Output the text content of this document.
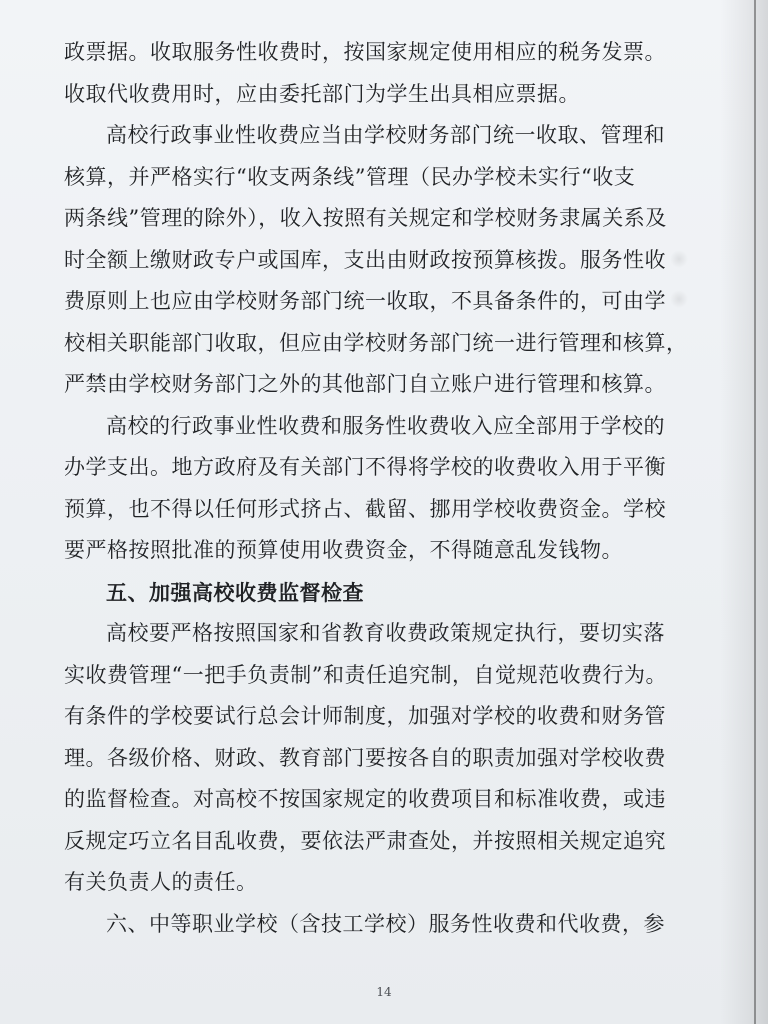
政票据。收取服务性收费时，按国家规定使用相应的税务发票。
收取代收费用时，应由委托部门为学生出具相应票据。
高校行政事业性收费应当由学校财务部门统一收取、管理和
核算，并严格实行“收支两条线”管理（民办学校未实行“收支
两条线”管理的除外），收入按照有关规定和学校财务隶属关系及
时全额上缴财政专户或国库，支出由财政按预算核拨。服务性收
费原则上也应由学校财务部门统一收取，不具备条件的，可由学
校相关职能部门收取，但应由学校财务部门统一进行管理和核算，
严禁由学校财务部门之外的其他部门自立账户进行管理和核算。
高校的行政事业性收费和服务性收费收入应全部用于学校的
办学支出。地方政府及有关部门不得将学校的收费收入用于平衡
预算，也不得以任何形式挤占、截留、挪用学校收费资金。学校
要严格按照批准的预算使用收费资金，不得随意乱发钱物。
五、加强高校收费监督检查
高校要严格按照国家和省教育收费政策规定执行，要切实落
实收费管理“一把手负责制”和责任追究制，自觉规范收费行为。
有条件的学校要试行总会计师制度，加强对学校的收费和财务管
理。各级价格、财政、教育部门要按各自的职责加强对学校收费
的监督检查。对高校不按国家规定的收费项目和标准收费，或违
反规定巧立名目乱收费，要依法严肃查处，并按照相关规定追究
有关负责人的责任。
六、中等职业学校（含技工学校）服务性收费和代收费，参
14
